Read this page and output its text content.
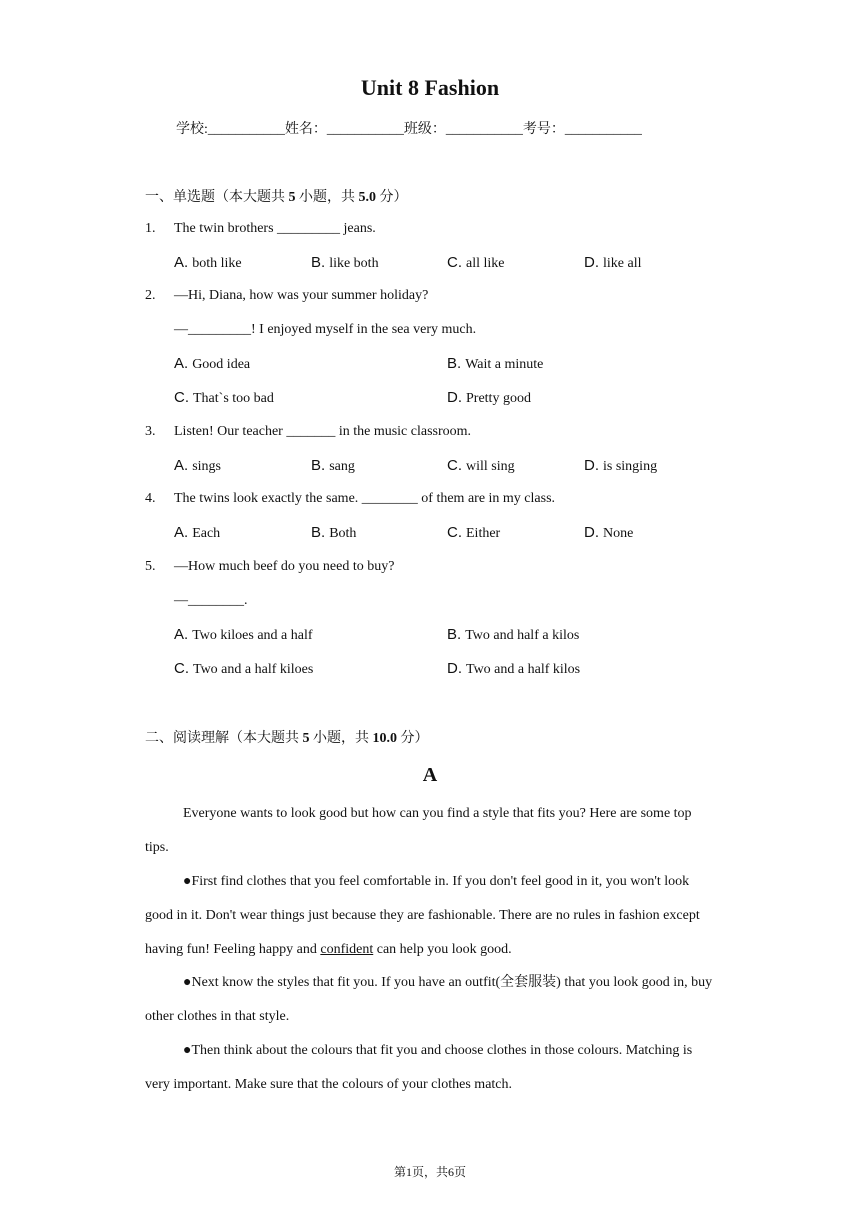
Unit 8 Fashion
学校:___________姓名：___________班级：___________考号：___________
一、单选题（本大题共 5 小题，共 5.0 分）
1. The twin brothers _________ jeans.
A. both like	B. like both	C. all like	D. like all
2. —Hi, Diana, how was your summer holiday?
—_________! I enjoyed myself in the sea very much.
A. Good idea	B. Wait a minute
C. That`s too bad	D. Pretty good
3. Listen! Our teacher _______ in the music classroom.
A. sings	B. sang	C. will sing	D. is singing
4. The twins look exactly the same. ________ of them are in my class.
A. Each	B. Both	C. Either	D. None
5. —How much beef do you need to buy?
—________.
A. Two kiloes and a half	B. Two and half a kilos
C. Two and a half kiloes	D. Two and a half kilos
二、阅读理解（本大题共 5 小题，共 10.0 分）
A
Everyone wants to look good but how can you find a style that fits you? Here are some top tips.
●First find clothes that you feel comfortable in. If you don't feel good in it, you won't look good in it. Don't wear things just because they are fashionable. There are no rules in fashion except having fun! Feeling happy and confident can help you look good.
●Next know the styles that fit you. If you have an outfit(全套服装) that you look good in, buy other clothes in that style.
●Then think about the colours that fit you and choose clothes in those colours. Matching is very important. Make sure that the colours of your clothes match.
第1页，共6页
